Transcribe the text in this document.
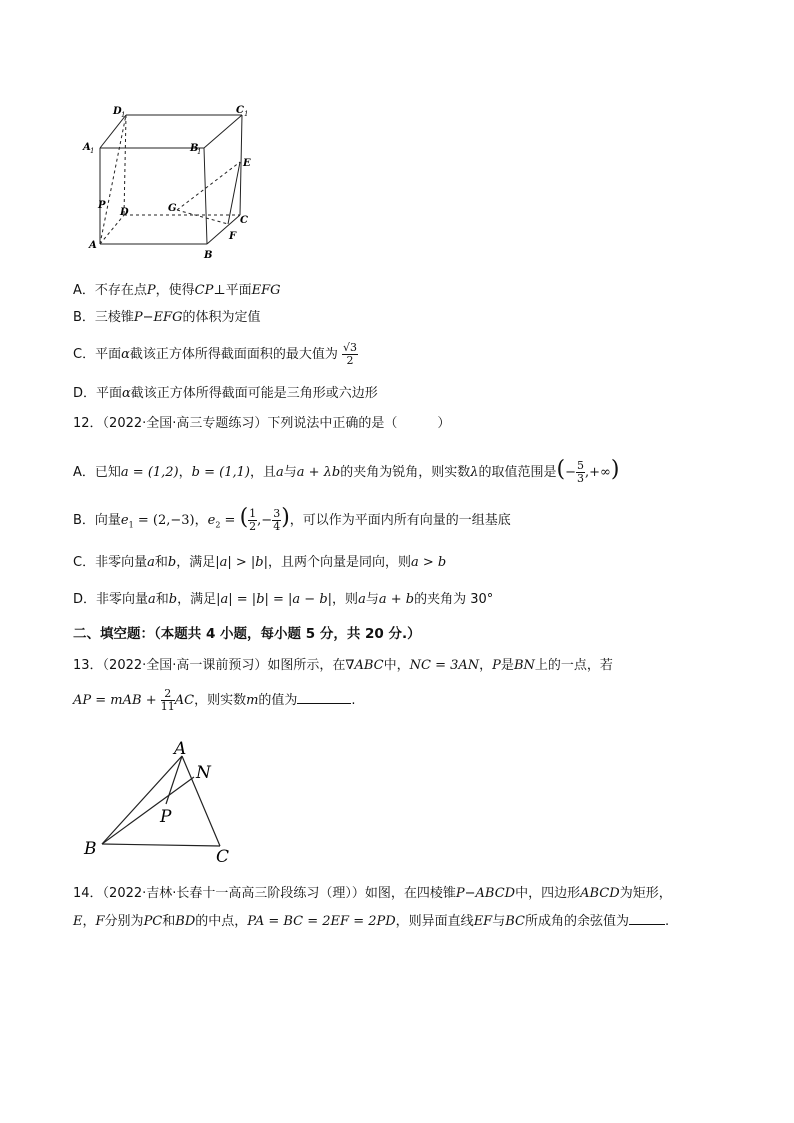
D 1	C 1
A 1	B
1
E
P
D	G
C
F
A
B
A．不存在点P，使得CP⊥平面EFG
B．三棱锥P−EFG的体积为定值
C．平面α截该正方体所得截面面积的最大值为 $\frac{√3}{2}$
D．平面α截该正方体所得截面可能是三角形或六边形
12．（2022·全国·高三专题练习）下列说法中正确的是（	）
A．已知a = (1,2)，b = (1,1)，且a与a + λb的夹角为锐角，则实数λ的取值范围是(− $\frac{5}{3}$ ,+∞)
B．向量$e_1 = (2,-3)$，$e_2$ = ( $\frac{1}{2}$ ,− $\frac{3}{4}$ )，可以作为平面内所有向量的一组基底
C．非零向量a和b，满足|a| > |b|，且两个向量是同向，则a > b
D．非零向量a和b，满足|a| = |b| = |a − b|，则a与a + b的夹角为 30°
二、填空题：（本题共 4 小题，每小题 5 分，共 20 分.）
13．（2022·全国·高一课前预习）如图所示，在∇ABC中，NC = 3AN，P是BN上的一点，若
AP = mAB + $\frac{2}{11}$ AC，则实数m的值为	.
A
N
P
B	C
14．（2022·吉林·长春十一高高三阶段练习（理））如图，在四棱锥P−ABCD中，四边形ABCD为矩形，
E，F分别为PC和BD的中点，PA = BC = 2EF = 2PD，则异面直线EF与BC所成角的余弦值为	.
